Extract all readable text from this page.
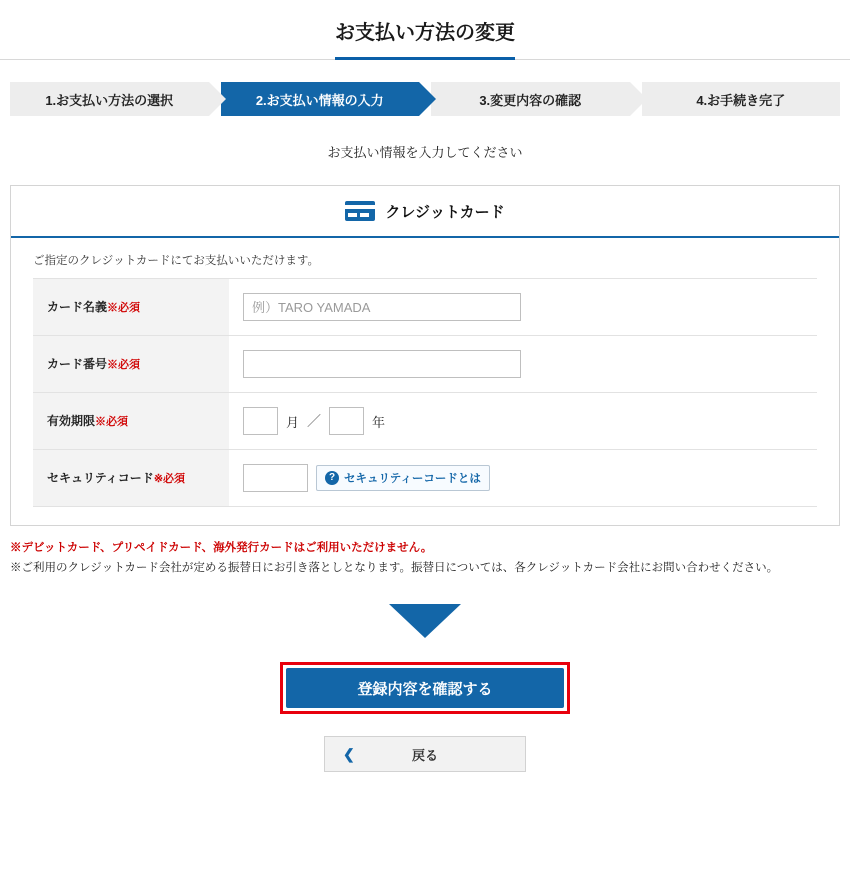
お支払い方法の変更
1.お支払い方法の選択	2.お支払い情報の入力	3.変更内容の確認	4.お手続き完了
お支払い情報を入力してください
クレジットカード
ご指定のクレジットカードにてお支払いいただけます。
カード名義※必須	例）TARO YAMADA
カード番号※必須	
有効期限※必須	月 ／ 年

セキュリティコード※必須	? セキュリティーコードとは
※デビットカード、プリペイドカード、海外発行カードはご利用いただけません。
※ご利用のクレジットカード会社が定める振替日にお引き落としとなります。振替日については、各クレジットカード会社にお問い合わせください。
登録内容を確認する
❮	戻る
